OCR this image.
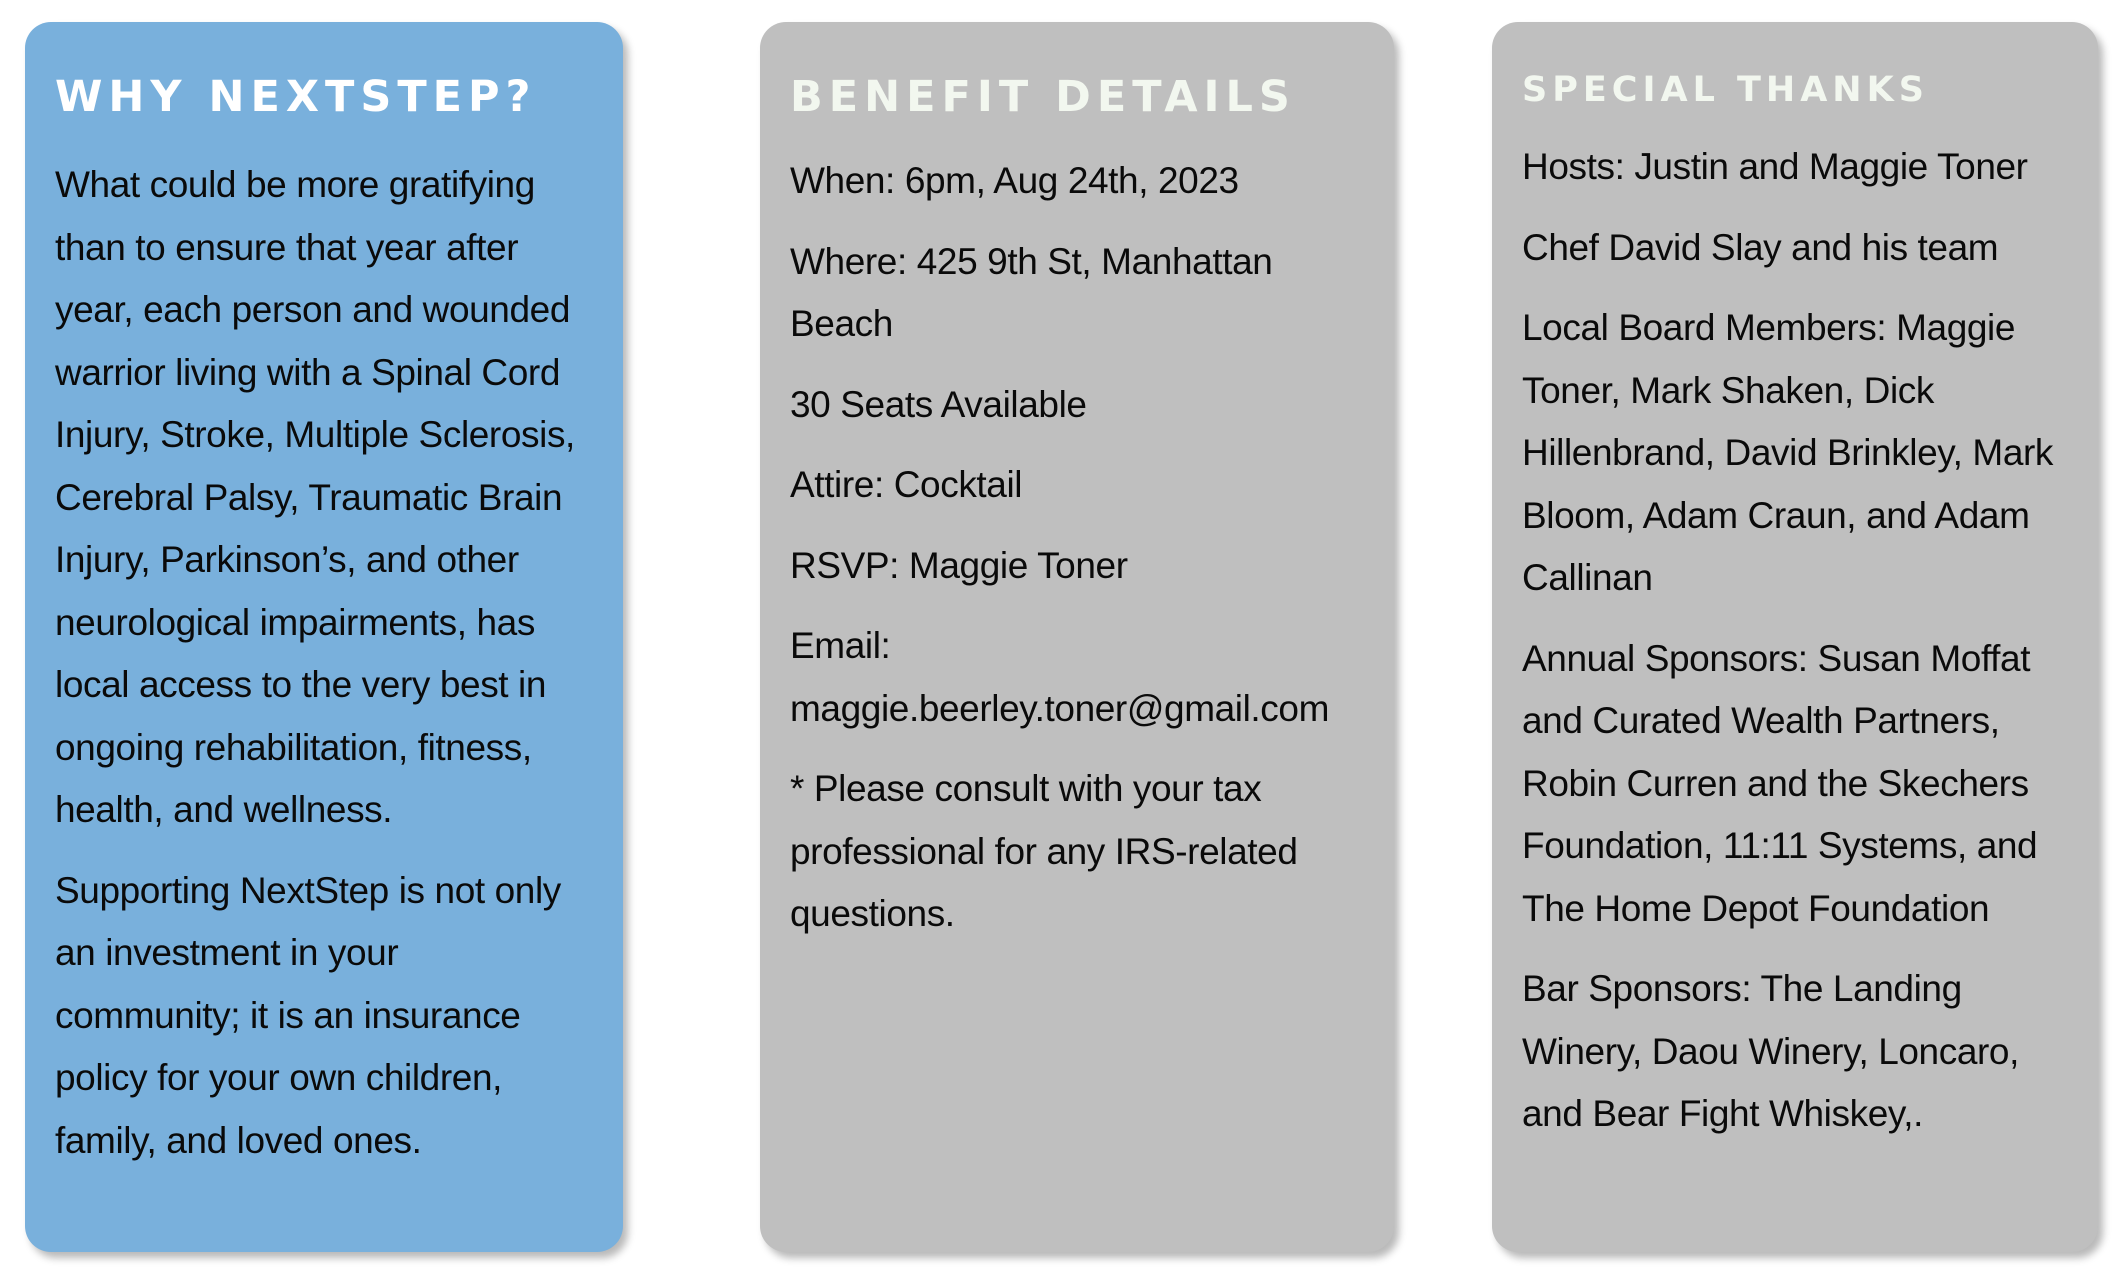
WHY NEXTSTEP?

What could be more gratifying than to ensure that year after year, each person and wounded warrior living with a Spinal Cord Injury, Stroke, Multiple Sclerosis, Cerebral Palsy, Traumatic Brain Injury, Parkinson’s, and other neurological impairments, has local access to the very best in ongoing rehabilitation, fitness, health, and wellness.

Supporting NextStep is not only an investment in your community; it is an insurance policy for your own children, family, and loved ones.

BENEFIT DETAILS

When: 6pm, Aug 24th, 2023

Where: 425 9th St, Manhattan Beach

30 Seats Available

Attire: Cocktail

RSVP: Maggie Toner

Email: maggie.beerley.toner@gmail.com

* Please consult with your tax professional for any IRS-related questions.

SPECIAL THANKS

Hosts: Justin and Maggie Toner

Chef David Slay and his team

Local Board Members: Maggie Toner, Mark Shaken, Dick Hillenbrand, David Brinkley, Mark Bloom, Adam Craun, and Adam Callinan

Annual Sponsors: Susan Moffat and Curated Wealth Partners, Robin Curren and the Skechers Foundation, 11:11 Systems, and The Home Depot Foundation

Bar Sponsors: The Landing Winery, Daou Winery, Loncaro, and Bear Fight Whiskey,.
